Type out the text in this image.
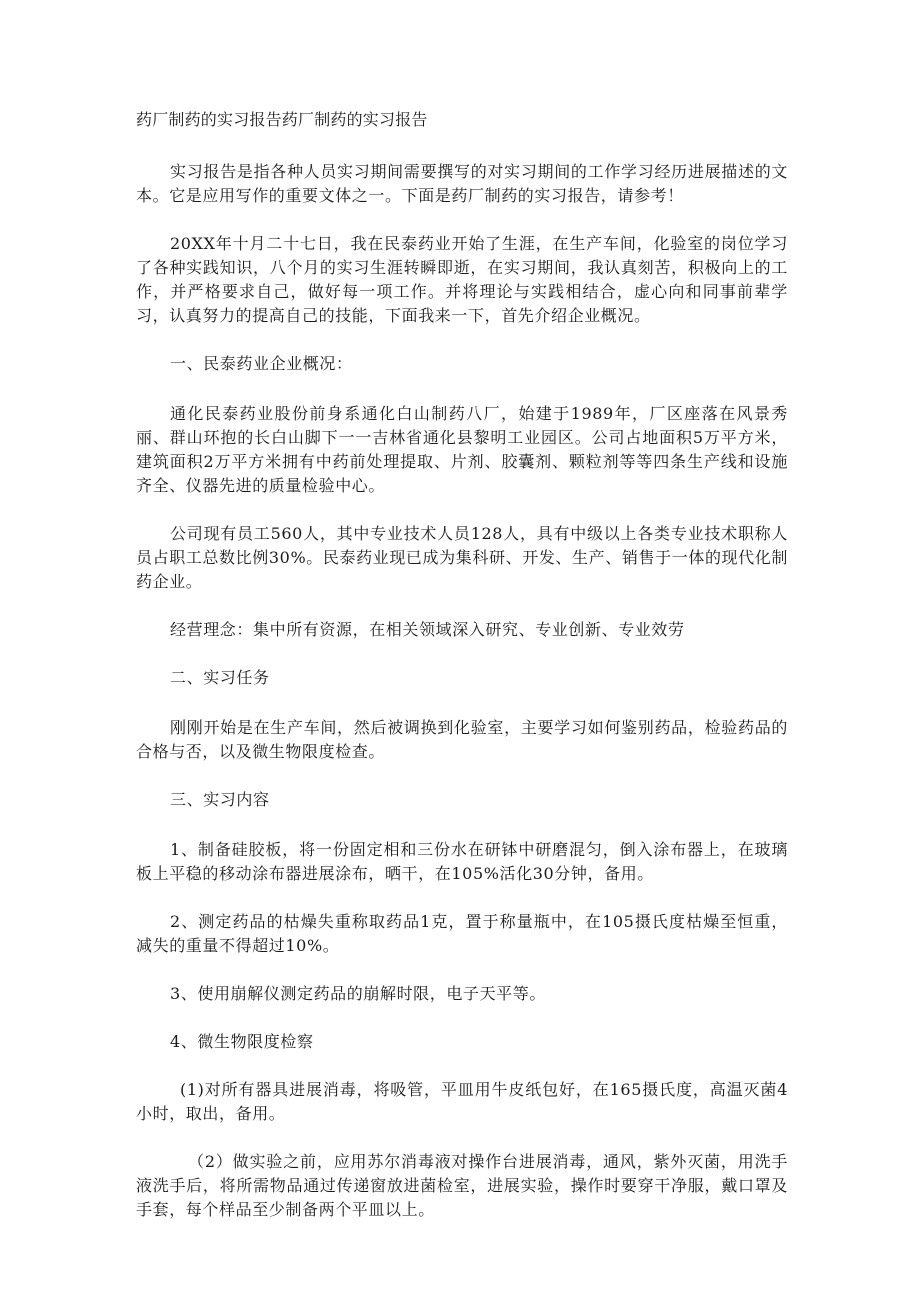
药厂制药的实习报告药厂制药的实习报告

实习报告是指各种人员实习期间需要撰写的对实习期间的工作学习经历进展描述的文本。它是应用写作的重要文体之一。下面是药厂制药的实习报告，请参考！

20XX年十月二十七日，我在民泰药业开始了生涯，在生产车间，化验室的岗位学习了各种实践知识，八个月的实习生涯转瞬即逝，在实习期间，我认真刻苦，积极向上的工作，并严格要求自己，做好每一项工作。并将理论与实践相结合，虚心向和同事前辈学习，认真努力的提高自己的技能，下面我来一下，首先介绍企业概况。

一、民泰药业企业概况：

通化民泰药业股份前身系通化白山制药八厂，始建于1989年，厂区座落在风景秀丽、群山环抱的长白山脚下一一吉林省通化县黎明工业园区。公司占地面积5万平方米，建筑面积2万平方米拥有中药前处理提取、片剂、胶囊剂、颗粒剂等等四条生产线和设施齐全、仪器先进的质量检验中心。

公司现有员工560人，其中专业技术人员128人，具有中级以上各类专业技术职称人员占职工总数比例30%。民泰药业现已成为集科研、开发、生产、销售于一体的现代化制药企业。

经营理念：集中所有资源，在相关领域深入研究、专业创新、专业效劳

二、实习任务

刚刚开始是在生产车间，然后被调换到化验室，主要学习如何鉴别药品，检验药品的合格与否，以及微生物限度检查。

三、实习内容

1、制备硅胶板，将一份固定相和三份水在研钵中研磨混匀，倒入涂布器上，在玻璃板上平稳的移动涂布器进展涂布，晒干，在105%活化30分钟，备用。

2、测定药品的枯燥失重称取药品1克，置于称量瓶中，在105摄氏度枯燥至恒重，减失的重量不得超过10%。

3、使用崩解仪测定药品的崩解时限，电子天平等。

4、微生物限度检察

(1)对所有器具进展消毒，将吸管，平皿用牛皮纸包好，在165摄氏度，高温灭菌4小时，取出，备用。

（2）做实验之前，应用苏尔消毒液对操作台进展消毒，通风，紫外灭菌，用洗手液洗手后，将所需物品通过传递窗放进菌检室，进展实验，操作时要穿干净服，戴口罩及手套，每个样品至少制备两个平皿以上。
